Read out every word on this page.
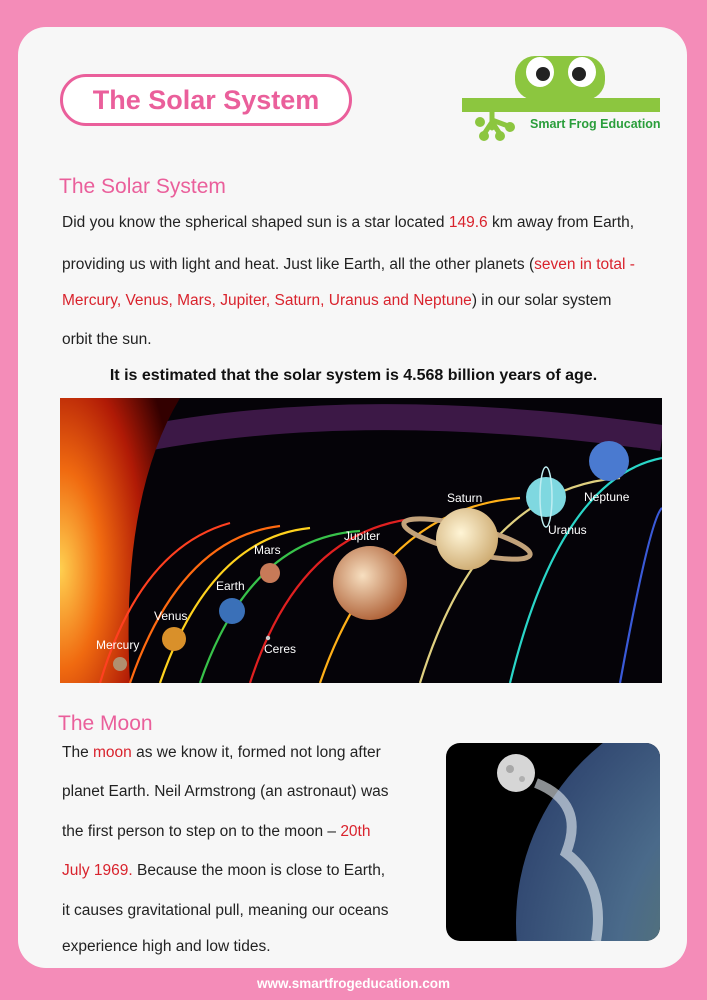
The Solar System
Smart Frog Education
The Solar System

Did you know the spherical shaped sun is a star located 149.6 km away from Earth,

providing us with light and heat. Just like Earth, all the other planets (seven in total -

Mercury, Venus, Mars, Jupiter, Saturn, Uranus and Neptune) in our solar system

orbit the sun.

It is estimated that the solar system is 4.568 billion years of age.
Mercury
Venus
Earth
Mars
Ceres
Jupiter
Saturn
Uranus
Neptune
The Moon

The moon as we know it, formed not long after

planet Earth. Neil Armstrong (an astronaut) was

the first person to step on to the moon – 20th

July 1969. Because the moon is close to Earth,

it causes gravitational pull, meaning our oceans

experience high and low tides.

www.smartfrogeducation.com
